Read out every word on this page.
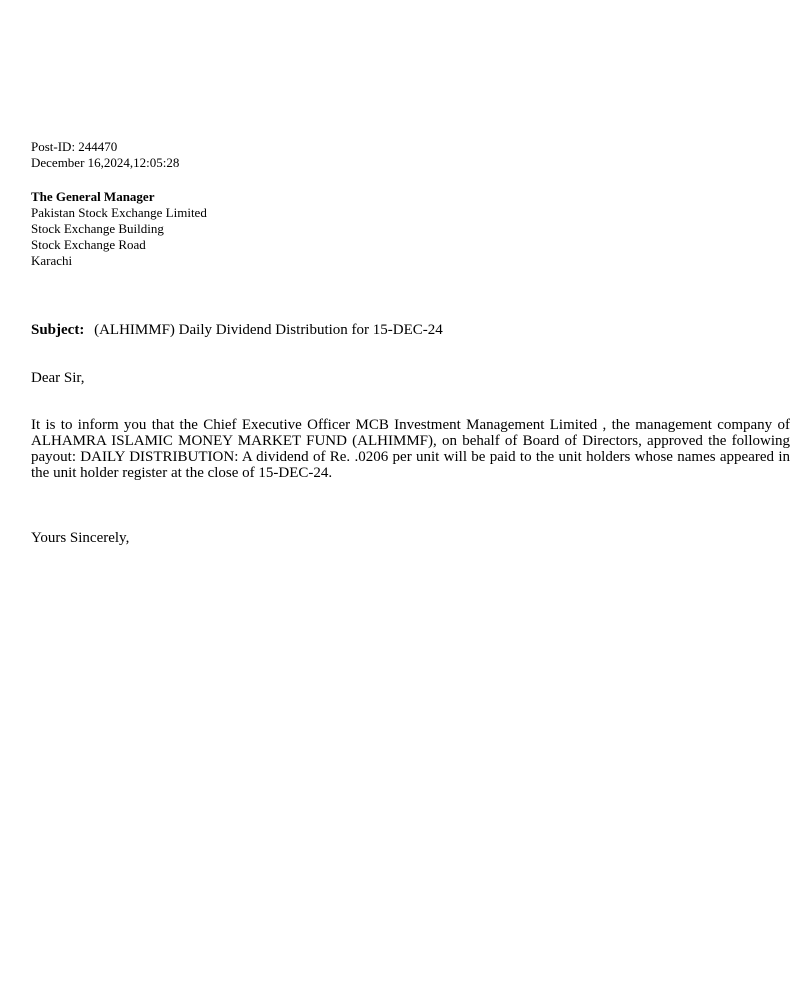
Post-ID: 244470
December 16,2024,12:05:28
The General Manager
Pakistan Stock Exchange Limited
Stock Exchange Building
Stock Exchange Road
Karachi
Subject: (ALHIMMF) Daily Dividend Distribution for 15-DEC-24
Dear Sir,
It is to inform you that the Chief Executive Officer MCB Investment Management Limited , the management company of ALHAMRA ISLAMIC MONEY MARKET FUND (ALHIMMF), on behalf of Board of Directors, approved the following payout: DAILY DISTRIBUTION: A dividend of Re. .0206 per unit will be paid to the unit holders whose names appeared in the unit holder register at the close of 15-DEC-24.
Yours Sincerely,
